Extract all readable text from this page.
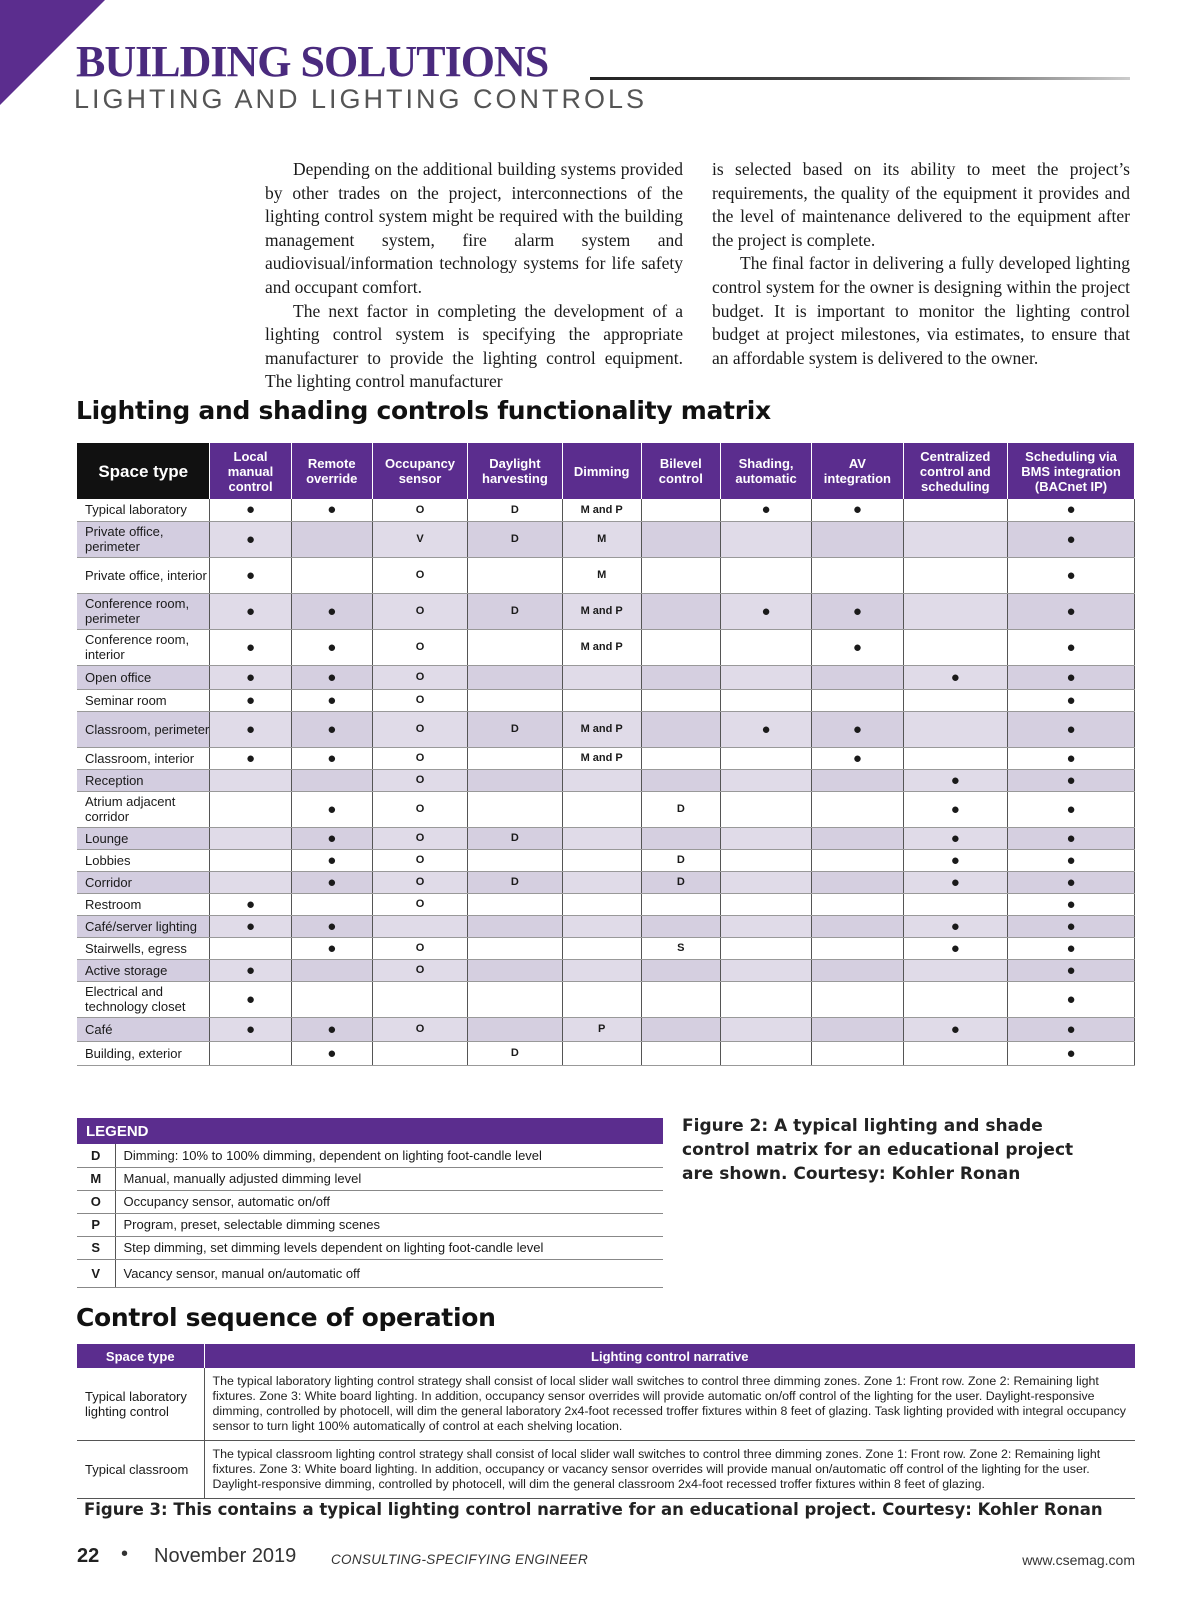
BUILDING SOLUTIONS
LIGHTING AND LIGHTING CONTROLS

Depending on the additional building systems provided by other trades on the project, interconnections of the lighting control system might be required with the building management system, fire alarm system and audiovisual/information technology systems for life safety and occupant comfort.

The next factor in completing the development of a lighting control system is specifying the appropriate manufacturer to provide the lighting control equipment. The lighting control manufacturer

is selected based on its ability to meet the project’s requirements, the quality of the equipment it provides and the level of maintenance delivered to the equipment after the project is complete.

The final factor in delivering a fully developed lighting control system for the owner is designing within the project budget. It is important to monitor the lighting control budget at project milestones, via estimates, to ensure that an affordable system is delivered to the owner.

Lighting and shading controls functionality matrix
Space type	Local manual control	Remote override	Occupancy sensor	Daylight harvesting	Dimming	Bilevel control	Shading, automatic	AV integration	Centralized control and scheduling	Scheduling via BMS integration (BACnet IP)
Typical laboratory	●	●	O	D	M and P		●	●		●
Private office, perimeter	●		V	D	M					●
Private office, interior	●		O		M					●
Conference room, perimeter	●	●	O	D	M and P		●	●		●
Conference room, interior	●	●	O		M and P			●		●
Open office	●	●	O						●	●
Seminar room	●	●	O							●
Classroom, perimeter	●	●	O	D	M and P		●	●		●
Classroom, interior	●	●	O		M and P			●		●
Reception			O						●	●
Atrium adjacent corridor		●	O			D			●	●
Lounge		●	O	D					●	●
Lobbies		●	O			D			●	●
Corridor		●	O	D		D			●	●
Restroom	●		O							●
Café/server lighting	●	●							●	●
Stairwells, egress		●	O			S			●	●
Active storage	●		O							●
Electrical and technology closet	●									●
Café	●	●	O		P				●	●
Building, exterior		●		D						●
LEGEND	
D	Dimming: 10% to 100% dimming, dependent on lighting foot-candle level
M	Manual, manually adjusted dimming level
O	Occupancy sensor, automatic on/off
P	Program, preset, selectable dimming scenes
S	Step dimming, set dimming levels dependent on lighting foot-candle level
V	Vacancy sensor, manual on/automatic off
Figure 2: A typical lighting and shade control matrix for an educational project are shown. Courtesy: Kohler Ronan
Control sequence of operation
Space type	Lighting control narrative
Typical laboratory lighting control	The typical laboratory lighting control strategy shall consist of local slider wall switches to control three dimming zones. Zone 1: Front row. Zone 2: Remaining light fixtures. Zone 3: White board lighting. In addition, occupancy sensor overrides will provide automatic on/off control of the lighting for the user. Daylight-responsive dimming, controlled by photocell, will dim the general laboratory 2x4-foot recessed troffer fixtures within 8 feet of glazing. Task lighting provided with integral occupancy sensor to turn light 100% automatically of control at each shelving location.
Typical classroom	The typical classroom lighting control strategy shall consist of local slider wall switches to control three dimming zones. Zone 1: Front row. Zone 2: Remaining light fixtures. Zone 3: White board lighting. In addition, occupancy or vacancy sensor overrides will provide manual on/automatic off control of the lighting for the user. Daylight-responsive dimming, controlled by photocell, will dim the general classroom 2x4-foot recessed troffer fixtures within 8 feet of glazing.
Figure 3: This contains a typical lighting control narrative for an educational project. Courtesy: Kohler Ronan
22 • November 2019	CONSULTING-SPECIFYING ENGINEER	www.csemag.com
